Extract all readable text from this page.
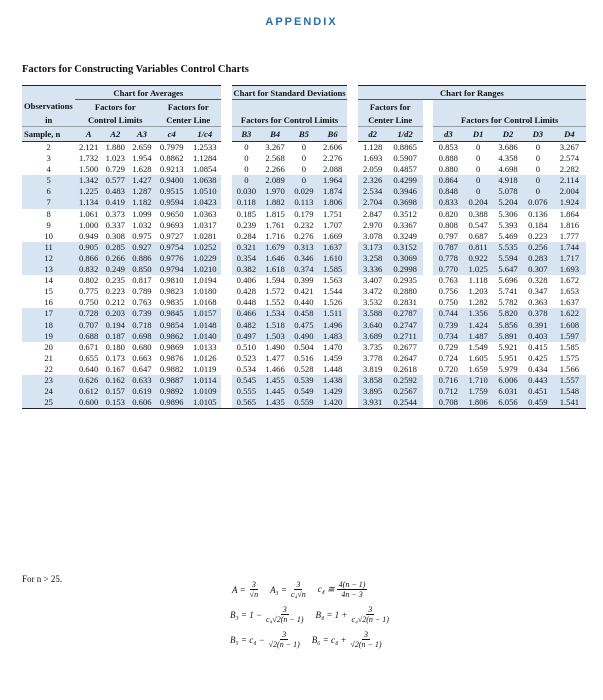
APPENDIX
Factors for Constructing Variables Control Charts
	Chart for Averages						Chart for Standard Deviations					Chart for Ranges							
Observations	Factors for			Factors for								Factors for							
in	Control Limits			Center Line			Factors for Control Limits					Center Line			Factors for Control Limits				
Sample, n	A	A2	A3	c4	1/c4		B3	B4	B5	B6		d2	1/d2		d3	D1	D2	D3	D4
2	2.121	1.880	2.659	0.7979	1.2533		0	3.267	0	2.606		1.128	0.8865		0.853	0	3.686	0	3.267
3	1.732	1.023	1.954	0.8862	1.1284		0	2.568	0	2.276		1.693	0.5907		0.888	0	4.358	0	2.574
4	1.500	0.729	1.628	0.9213	1.0854		0	2.266	0	2.088		2.059	0.4857		0.880	0	4.698	0	2.282
5	1.342	0.577	1.427	0.9400	1.0638		0	2.089	0	1.964		2.326	0.4299		0.864	0	4.918	0	2.114
6	1.225	0.483	1.287	0.9515	1.0510		0.030	1.970	0.029	1.874		2.534	0.3946		0.848	0	5.078	0	2.004
7	1.134	0.419	1.182	0.9594	1.0423		0.118	1.882	0.113	1.806		2.704	0.3698		0.833	0.204	5.204	0.076	1.924
8	1.061	0.373	1.099	0.9650	1.0363		0.185	1.815	0.179	1.751		2.847	0.3512		0.820	0.388	5.306	0.136	1.864
9	1.000	0.337	1.032	0.9693	1.0317		0.239	1.761	0.232	1.707		2.970	0.3367		0.808	0.547	5.393	0.184	1.816
10	0.949	0.308	0.975	0.9727	1.0281		0.284	1.716	0.276	1.669		3.078	0.3249		0.797	0.687	5.469	0.223	1.777
11	0.905	0.285	0.927	0.9754	1.0252		0.321	1.679	0.313	1.637		3.173	0.3152		0.787	0.811	5.535	0.256	1.744
12	0.866	0.266	0.886	0.9776	1.0229		0.354	1.646	0.346	1.610		3.258	0.3069		0.778	0.922	5.594	0.283	1.717
13	0.832	0.249	0.850	0.9794	1.0210		0.382	1.618	0.374	1.585		3.336	0.2998		0.770	1.025	5.647	0.307	1.693
14	0.802	0.235	0.817	0.9810	1.0194		0.406	1.594	0.399	1.563		3.407	0.2935		0.763	1.118	5.696	0.328	1.672
15	0.775	0.223	0.789	0.9823	1.0180		0.428	1.572	0.421	1.544		3.472	0.2880		0.756	1.203	5.741	0.347	1.653
16	0.750	0.212	0.763	0.9835	1.0168		0.448	1.552	0.440	1.526		3.532	0.2831		0.750	1.282	5.782	0.363	1.637
17	0.728	0.203	0.739	0.9845	1.0157		0.466	1.534	0.458	1.511		3.588	0.2787		0.744	1.356	5.820	0.378	1.622
18	0.707	0.194	0.718	0.9854	1.0148		0.482	1.518	0.475	1.496		3.640	0.2747		0.739	1.424	5.856	0.391	1.608
19	0.688	0.187	0.698	0.9862	1.0140		0.497	1.503	0.490	1.483		3.689	0.2711		0.734	1.487	5.891	0.403	1.597
20	0.671	0.180	0.680	0.9869	1.0133		0.510	1.490	0.504	1.470		3.735	0.2677		0.729	1.549	5.921	0.415	1.585
21	0.655	0.173	0.663	0.9876	1.0126		0.523	1.477	0.516	1.459		3.778	0.2647		0.724	1.605	5.951	0.425	1.575
22	0.640	0.167	0.647	0.9882	1.0119		0.534	1.466	0.528	1.448		3.819	0.2618		0.720	1.659	5.979	0.434	1.566
23	0.626	0.162	0.633	0.9887	1.0114		0.545	1.455	0.539	1.438		3.858	0.2592		0.716	1.710	6.006	0.443	1.557
24	0.612	0.157	0.619	0.9892	1.0109		0.555	1.445	0.549	1.429		3.895	0.2567		0.712	1.759	6.031	0.451	1.548
25	0.600	0.153	0.606	0.9896	1.0105		0.565	1.435	0.559	1.420		3.931	0.2544		0.708	1.806	6.056	0.459	1.541
For n > 25.
$A = \frac{3}{√n} A_3 = \frac{3}{\text{c₄√n}} c_4$ ≅ $\frac{4(n - 1)}{4n - 3}$
$B_3 = 1 - \frac{3}{\text{c₄√2(n − 1)}} B_4 = 1 + \frac{3}{\text{c₄√2(n − 1)}}$
$B_5 = c_4 - \frac{3}{√2(n - 1)} B_6 = c_4 + \frac{3}{√2(n - 1)}$
